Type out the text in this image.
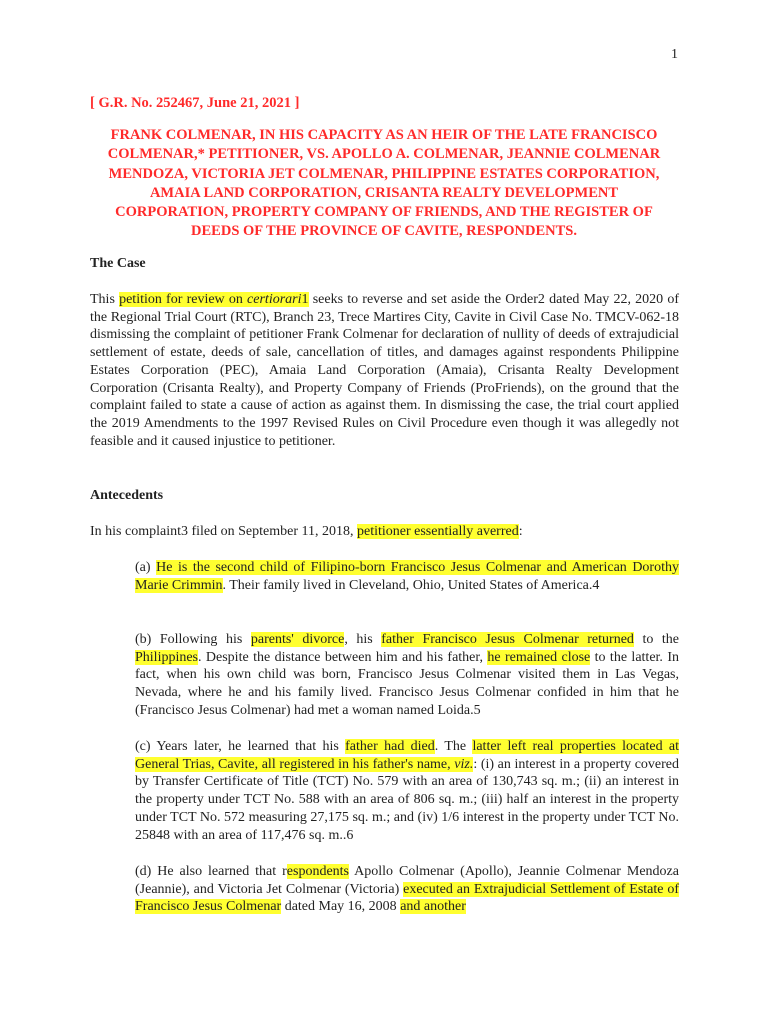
1
[ G.R. No. 252467, June 21, 2021 ]
FRANK COLMENAR, IN HIS CAPACITY AS AN HEIR OF THE LATE FRANCISCO COLMENAR,* PETITIONER, VS. APOLLO A. COLMENAR, JEANNIE COLMENAR MENDOZA, VICTORIA JET COLMENAR, PHILIPPINE ESTATES CORPORATION, AMAIA LAND CORPORATION, CRISANTA REALTY DEVELOPMENT CORPORATION, PROPERTY COMPANY OF FRIENDS, AND THE REGISTER OF DEEDS OF THE PROVINCE OF CAVITE, RESPONDENTS.
The Case
This petition for review on certiorari1 seeks to reverse and set aside the Order2 dated May 22, 2020 of the Regional Trial Court (RTC), Branch 23, Trece Martires City, Cavite in Civil Case No. TMCV-062-18 dismissing the complaint of petitioner Frank Colmenar for declaration of nullity of deeds of extrajudicial settlement of estate, deeds of sale, cancellation of titles, and damages against respondents Philippine Estates Corporation (PEC), Amaia Land Corporation (Amaia), Crisanta Realty Development Corporation (Crisanta Realty), and Property Company of Friends (ProFriends), on the ground that the complaint failed to state a cause of action as against them. In dismissing the case, the trial court applied the 2019 Amendments to the 1997 Revised Rules on Civil Procedure even though it was allegedly not feasible and it caused injustice to petitioner.
Antecedents
In his complaint3 filed on September 11, 2018, petitioner essentially averred:
(a) He is the second child of Filipino-born Francisco Jesus Colmenar and American Dorothy Marie Crimmin. Their family lived in Cleveland, Ohio, United States of America.4
(b) Following his parents' divorce, his father Francisco Jesus Colmenar returned to the Philippines. Despite the distance between him and his father, he remained close to the latter. In fact, when his own child was born, Francisco Jesus Colmenar visited them in Las Vegas, Nevada, where he and his family lived. Francisco Jesus Colmenar confided in him that he (Francisco Jesus Colmenar) had met a woman named Loida.5
(c) Years later, he learned that his father had died. The latter left real properties located at General Trias, Cavite, all registered in his father's name, viz.: (i) an interest in a property covered by Transfer Certificate of Title (TCT) No. 579 with an area of 130,743 sq. m.; (ii) an interest in the property under TCT No. 588 with an area of 806 sq. m.; (iii) half an interest in the property under TCT No. 572 measuring 27,175 sq. m.; and (iv) 1/6 interest in the property under TCT No. 25848 with an area of 117,476 sq. m..6
(d) He also learned that respondents Apollo Colmenar (Apollo), Jeannie Colmenar Mendoza (Jeannie), and Victoria Jet Colmenar (Victoria) executed an Extrajudicial Settlement of Estate of Francisco Jesus Colmenar dated May 16, 2008 and another
